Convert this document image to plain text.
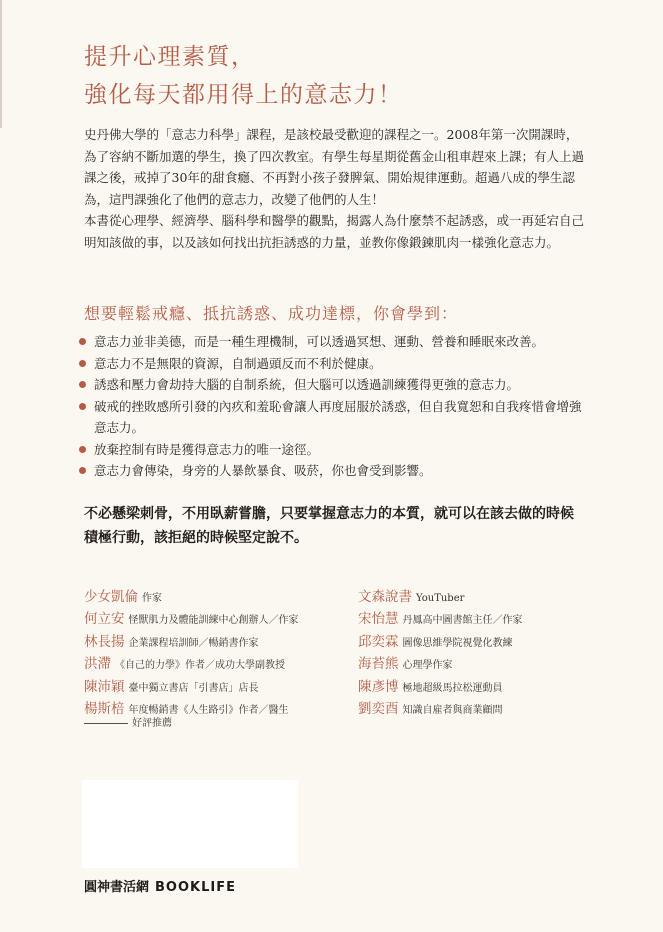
提升心理素質，
強化每天都用得上的意志力！

史丹佛大學的「意志力科學」課程，是該校最受歡迎的課程之一。2008年第一次開課時，為了容納不斷加選的學生，換了四次教室。有學生每星期從舊金山租車趕來上課；有人上過課之後，戒掉了30年的甜食癮、不再對小孩子發脾氣、開始規律運動。超過八成的學生認為，這門課強化了他們的意志力，改變了他們的人生！

本書從心理學、經濟學、腦科學和醫學的觀點，揭露人為什麼禁不起誘惑，或一再延宕自己明知該做的事，以及該如何找出抗拒誘惑的力量，並教你像鍛鍊肌肉一樣強化意志力。

想要輕鬆戒癮、抵抗誘惑、成功達標，你會學到：
意志力並非美德，而是一種生理機制，可以透過冥想、運動、營養和睡眠來改善。
意志力不是無限的資源，自制過頭反而不利於健康。
誘惑和壓力會劫持大腦的自制系統，但大腦可以透過訓練獲得更強的意志力。
破戒的挫敗感所引發的內疚和羞恥會讓人再度屈服於誘惑，但自我寬恕和自我疼惜會增強意志力。
放棄控制有時是獲得意志力的唯一途徑。
意志力會傳染，身旁的人暴飲暴食、吸菸，你也會受到影響。
不必懸梁刺骨，不用臥薪嘗膽，只要掌握意志力的本質，就可以在該去做的時候積極行動，該拒絕的時候堅定說不。
少女凱倫 作家
何立安 怪獸肌力及體能訓練中心創辦人／作家
林長揚 企業課程培訓師／暢銷書作家
洪滯 《自己的力學》作者／成功大學副教授
陳沛穎 臺中獨立書店「引書店」店長
楊斯棓 年度暢銷書《人生路引》作者／醫生
文森說書 YouTuber
宋怡慧 丹鳳高中圖書館主任／作家
邱奕霖 圖像思維學院視覺化教練
海苔熊 心理學作家
陳彥博 極地超級馬拉松運動員
劉奕酉 知識自雇者與商業顧問
好評推薦
圓神書活網 BOOKLIFE
